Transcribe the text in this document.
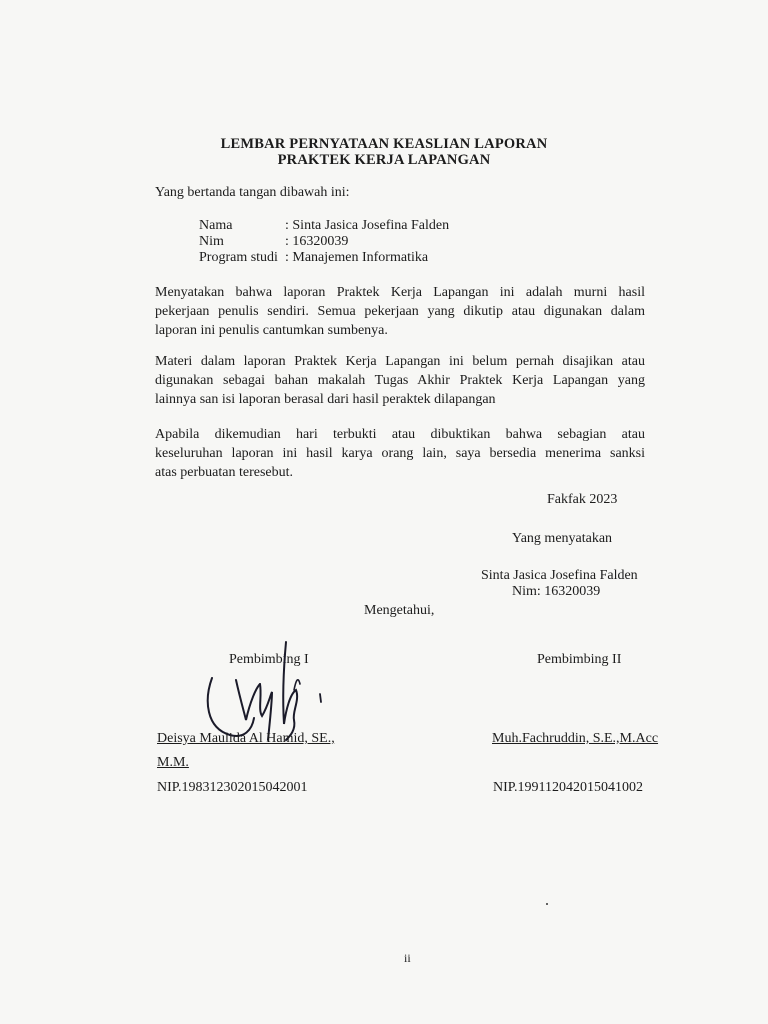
LEMBAR PERNYATAAN KEASLIAN LAPORAN
PRAKTEK KERJA LAPANGAN
Yang bertanda tangan dibawah ini:
Nama	: Sinta Jasica Josefina Falden
Nim	: 16320039
Program studi : Manajemen Informatika
Menyatakan bahwa laporan Praktek Kerja Lapangan ini adalah murni hasil
pekerjaan penulis sendiri. Semua pekerjaan yang dikutip atau digunakan dalam
laporan ini penulis cantumkan sumbenya.
Materi dalam laporan Praktek Kerja Lapangan ini belum pernah disajikan atau
digunakan sebagai bahan makalah Tugas Akhir Praktek Kerja Lapangan yang
lainnya san isi laporan berasal dari hasil peraktek dilapangan
Apabila dikemudian hari terbukti atau dibuktikan bahwa sebagian atau
keseluruhan laporan ini hasil karya orang lain, saya bersedia menerima sanksi
atas perbuatan teresebut.
Fakfak 2023
Yang menyatakan
Sinta Jasica Josefina Falden
Nim: 16320039
Mengetahui,
Pembimbing I	Pembimbing II
Deisya Maulida Al Hamid, SE.,
M.M.
NIP.198312302015042001
Muh.Fachruddin, S.E.,M.Acc
NIP.199112042015041002
ii
